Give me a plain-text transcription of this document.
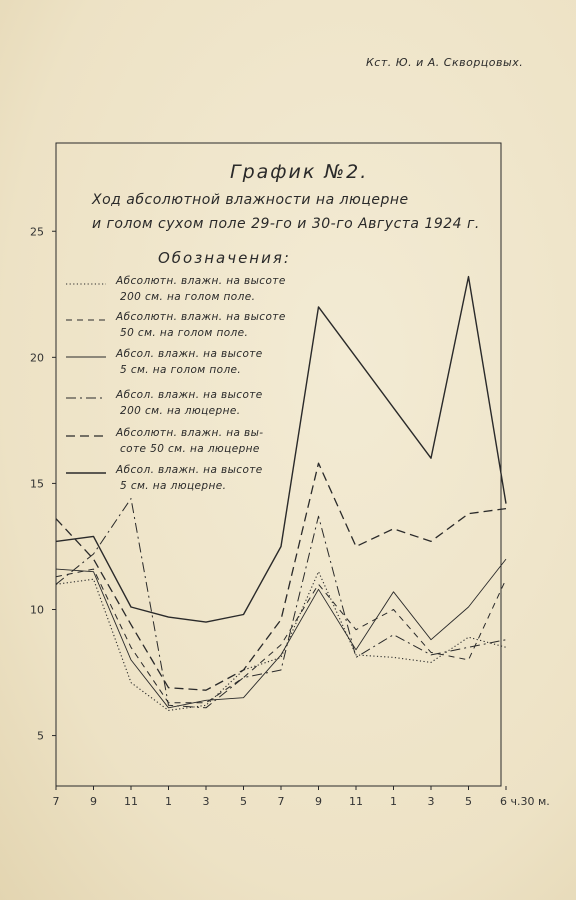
Кст. Ю. и А. Скворцовых.
График №2.
Ход абсолютной влажности на люцерне
и голом сухом поле 29-го и 30-го Августа 1924 г.
Обозначения:
Абсолютн. влажн. на высоте
200 см. на голом поле.
Абсолютн. влажн. на высоте
50 см. на голом поле.
Абсол. влажн. на высоте
5 см. на голом поле.
Абсол. влажн. на высоте
200 см. на люцерне.
Абсолютн. влажн. на вы-
соте 50 см. на люцерне
Абсол. влажн. на высоте
5 см. на люцерне.
5
10
15
20
25
7	9 11 1	3	5	7	9 11 1	3	5	6 ч.30 м.
